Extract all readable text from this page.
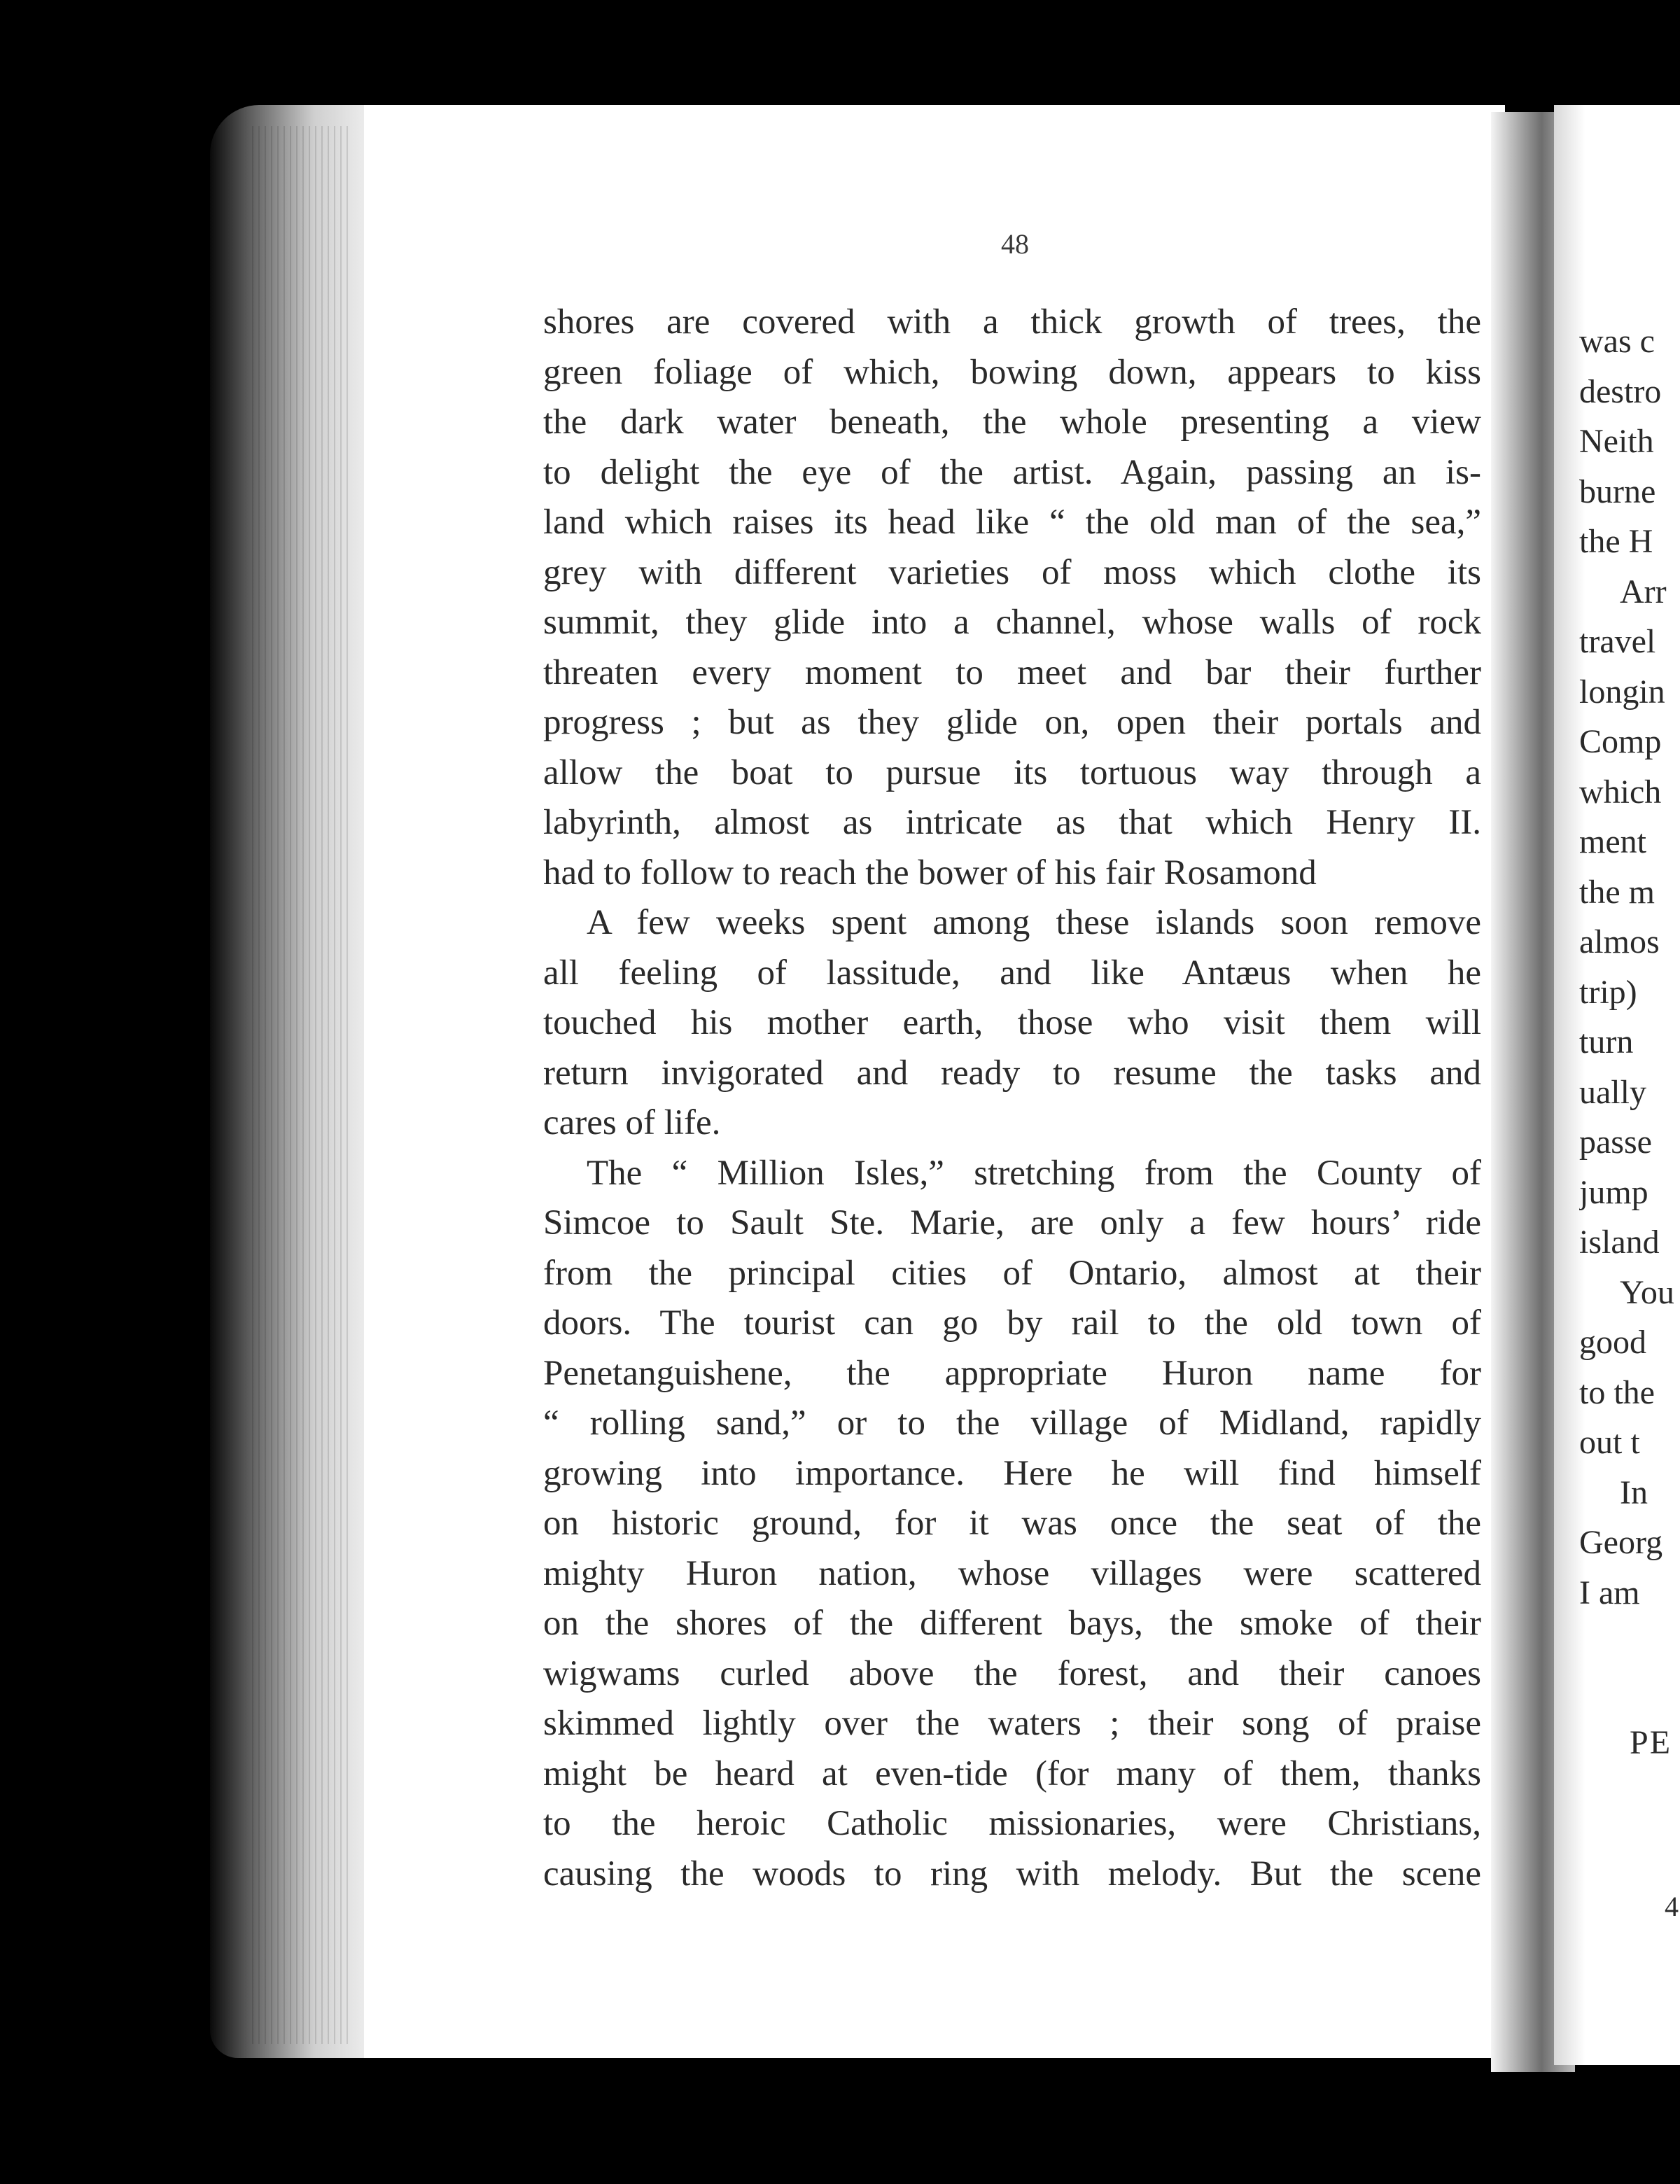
48
shores are covered with a thick growth of trees, the
green foliage of which, bowing down, appears to kiss
the dark water beneath, the whole presenting a view
to delight the eye of the artist. Again, passing an is-
land which raises its head like “ the old man of the sea,”
grey with different varieties of moss which clothe its
summit, they glide into a channel, whose walls of rock
threaten every moment to meet and bar their further
progress ; but as they glide on, open their portals and
allow the boat to pursue its tortuous way through a
labyrinth, almost as intricate as that which Henry II.
had to follow to reach the bower of his fair Rosamond
A few weeks spent among these islands soon remove
all feeling of lassitude, and like Antæus when he
touched his mother earth, those who visit them will
return invigorated and ready to resume the tasks and
cares of life.
The “ Million Isles,” stretching from the County of
Simcoe to Sault Ste. Marie, are only a few hours’ ride
from the principal cities of Ontario, almost at their
doors. The tourist can go by rail to the old town of
Penetanguishene, the appropriate Huron name for
“ rolling sand,” or to the village of Midland, rapidly
growing into importance. Here he will find himself
on historic ground, for it was once the seat of the
mighty Huron nation, whose villages were scattered
on the shores of the different bays, the smoke of their
wigwams curled above the forest, and their canoes
skimmed lightly over the waters ; their song of praise
might be heard at even-tide (for many of them, thanks
to the heroic Catholic missionaries, were Christians,
causing the woods to ring with melody. But the scene
was c
destro
Neith
burne
the H
Arr
travel
longin
Comp
which
ment
the m
almos
trip)
turn
ually
passe
jump
island
You
good
to the
out t
In
Georg
I am
PE
4
